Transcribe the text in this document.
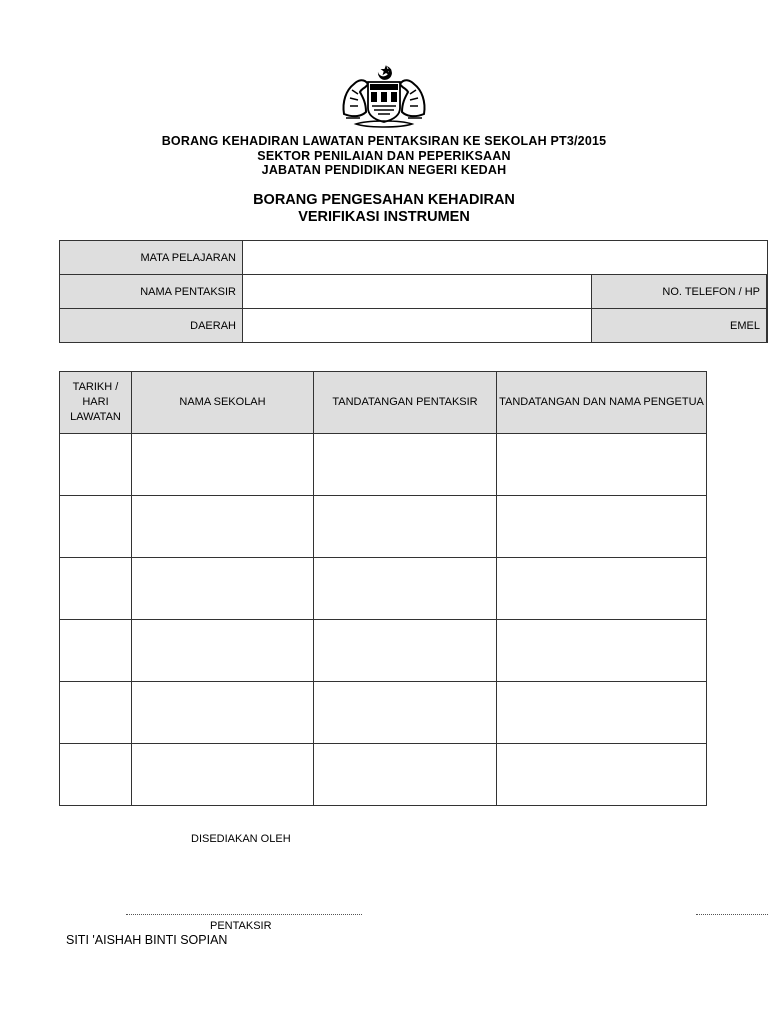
BORANG KEHADIRAN LAWATAN PENTAKSIRAN KE SEKOLAH PT3/2015
SEKTOR PENILAIAN DAN PEPERIKSAAN
JABATAN PENDIDIKAN NEGERI KEDAH
BORANG PENGESAHAN KEHADIRAN
VERIFIKASI INSTRUMEN
MATA PELAJARAN
NAMA PENTAKSIR	NO. TELEFON / HP
DAERAH	EMEL
TARIKH / HARI LAWATAN	NAMA SEKOLAH	TANDATANGAN PENTAKSIR	TANDATANGAN DAN NAMA PENGETUA

DISEDIAKAN OLEH
PENTAKSIR
SITI 'AISHAH BINTI SOPIAN
